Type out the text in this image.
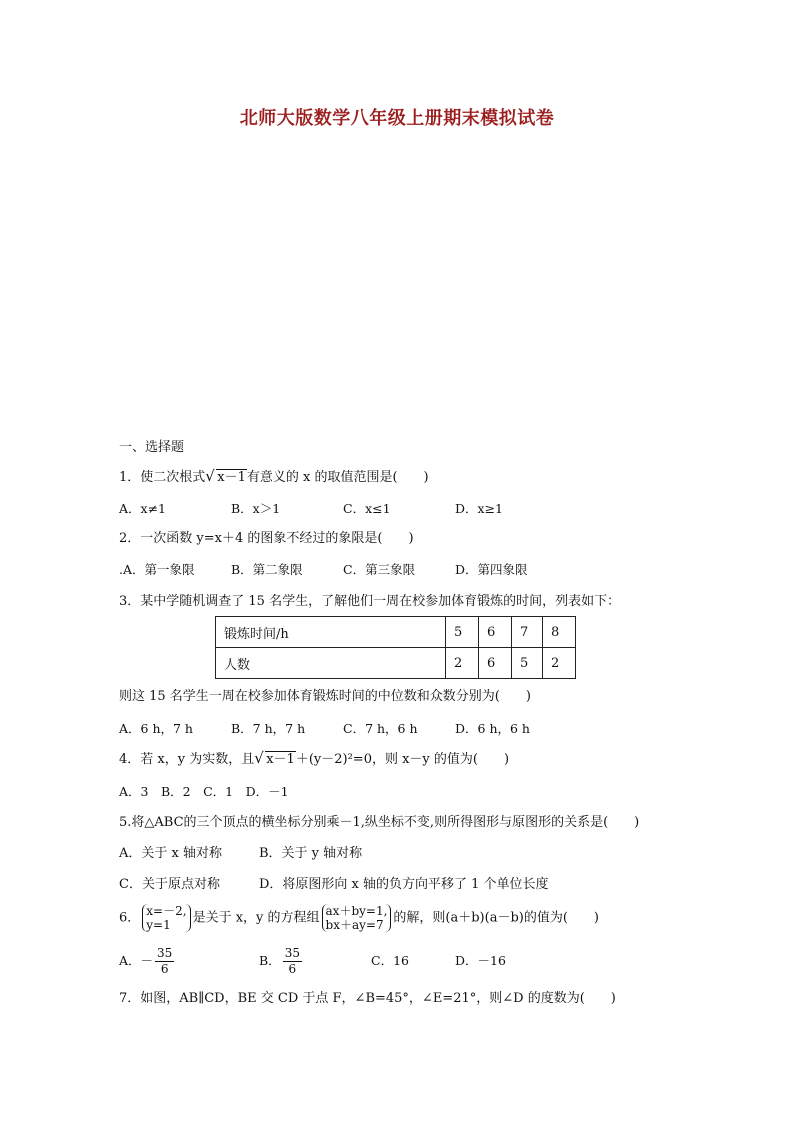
北师大版数学八年级上册期末模拟试卷
一、选择题
1．使二次根式 √ x－1有意义的 x 的取值范围是(　　)
A．x≠1	B．x＞1	C．x≤1	D．x≥1
2．一次函数 y=x＋4 的图象不经过的象限是(　　)
.A．第一象限	B．第二象限	C．第三象限	D．第四象限
3．某中学随机调查了 15 名学生，了解他们一周在校参加体育锻炼的时间，列表如下：
锻炼时间/h	5	6	7	8
人数	2	6	5	2
则这 15 名学生一周在校参加体育锻炼时间的中位数和众数分别为(　　)
A．6 h，7 h	B．7 h，7 h	C．7 h，6 h	D．6 h，6 h
4．若 x，y 为实数，且 √ x－1＋(y－2)²=0，则 x－y 的值为(　　)
A．3　B．2　C．1　D．－1
5.将△ABC的三个顶点的横坐标分别乘－1,纵坐标不变,则所得图形与原图形的关系是(　　)
A．关于 x 轴对称	B．关于 y 轴对称
C．关于原点对称	D．将原图形向 x 轴的负方向平移了 1 个单位长度
6． x=－2,
y=1	是关于 x，y 的方程组 ax＋by=1,
bx＋ay=7 的解，则(a＋b)(a－b)的值为(　　)
A．－ $\frac{35}{6}$	B． $\frac{35}{6}$	C．16	D．－16
7．如图，AB∥CD，BE 交 CD 于点 F，∠B=45°，∠E=21°，则∠D 的度数为(　　)
